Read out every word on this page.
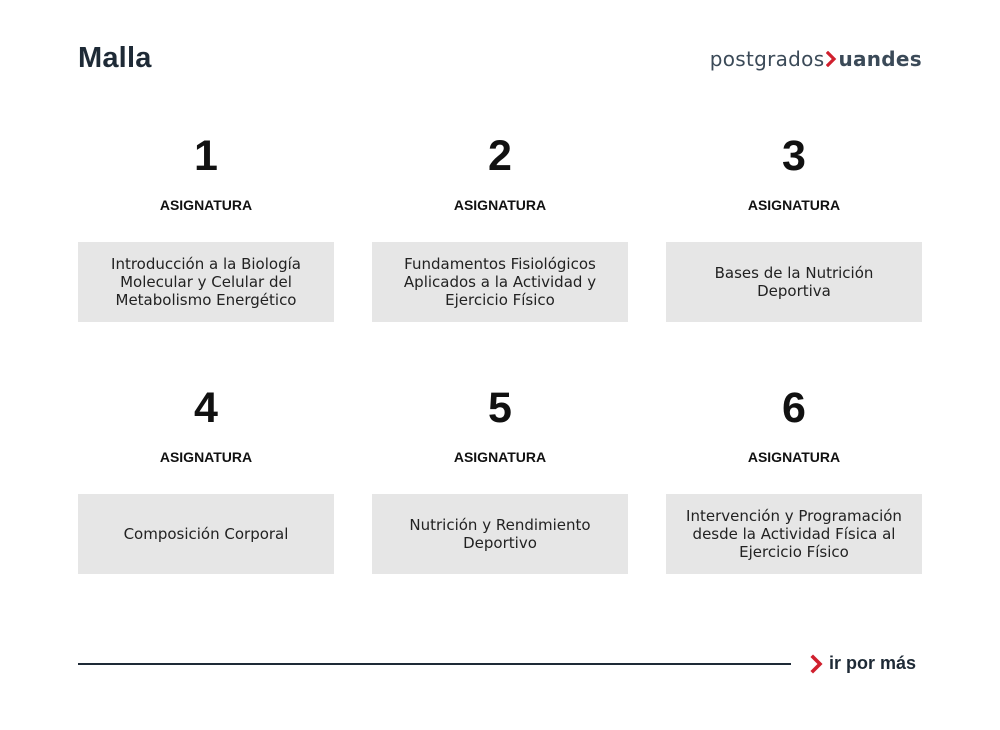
Malla	postgrados uandes
1
ASIGNATURA
Introducción a la Biología Molecular y Celular del Metabolismo Energético
2
ASIGNATURA
Fundamentos Fisiológicos Aplicados a la Actividad y Ejercicio Físico
3
ASIGNATURA
Bases de la Nutrición Deportiva
4
ASIGNATURA
Composición Corporal
5
ASIGNATURA
Nutrición y Rendimiento Deportivo
6
ASIGNATURA
Intervención y Programación desde la Actividad Física al Ejercicio Físico
ir por más
